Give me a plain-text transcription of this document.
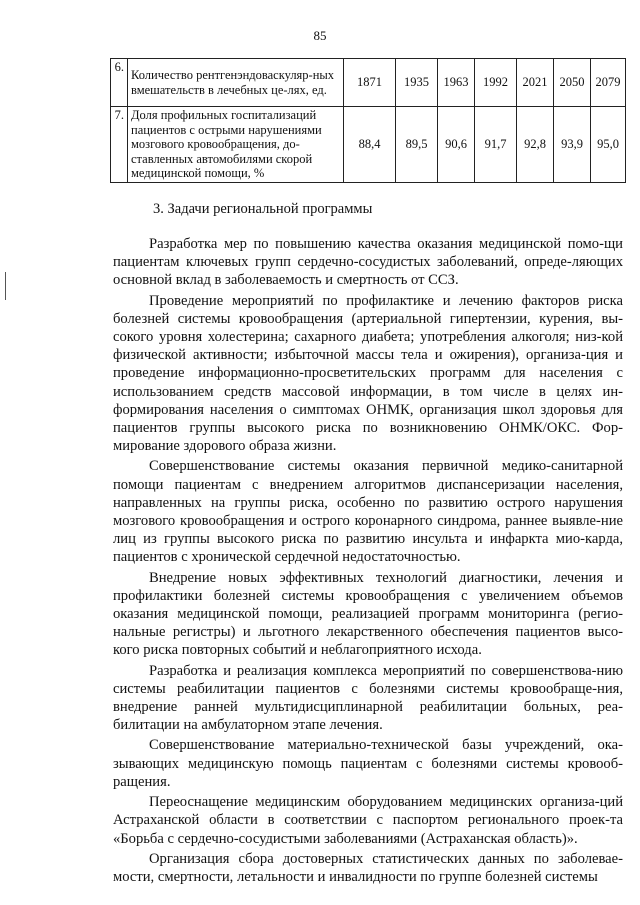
85
6.	Количество рентгенэндоваскуляр-ных вмешательств в лечебных це-лях, ед.	1871	1935	1963	1992	2021	2050	2079
7.	Доля профильных госпитализаций пациентов с острыми нарушениями мозгового кровообращения, до-ставленных автомобилями скорой медицинской помощи, %	88,4	89,5	90,6	91,7	92,8	93,9	95,0
3. Задачи региональной программы

Разработка мер по повышению качества оказания медицинской помо-щи пациентам ключевых групп сердечно-сосудистых заболеваний, опреде-ляющих основной вклад в заболеваемость и смертность от ССЗ.

Проведение мероприятий по профилактике и лечению факторов риска болезней системы кровообращения (артериальной гипертензии, курения, вы-сокого уровня холестерина; сахарного диабета; употребления алкоголя; низ-кой физической активности; избыточной массы тела и ожирения), организа-ция и проведение информационно-просветительских программ для населения с использованием средств массовой информации, в том числе в целях ин-формирования населения о симптомах ОНМК, организация школ здоровья для пациентов группы высокого риска по возникновению ОНМК/ОКС. Фор-мирование здорового образа жизни.

Совершенствование системы оказания первичной медико-санитарной помощи пациентам с внедрением алгоритмов диспансеризации населения, направленных на группы риска, особенно по развитию острого нарушения мозгового кровообращения и острого коронарного синдрома, раннее выявле-ние лиц из группы высокого риска по развитию инсульта и инфаркта мио-карда, пациентов с хронической сердечной недостаточностью.

Внедрение новых эффективных технологий диагностики, лечения и профилактики болезней системы кровообращения с увеличением объемов оказания медицинской помощи, реализацией программ мониторинга (регио-нальные регистры) и льготного лекарственного обеспечения пациентов высо-кого риска повторных событий и неблагоприятного исхода.

Разработка и реализация комплекса мероприятий по совершенствова-нию системы реабилитации пациентов с болезнями системы кровообраще-ния, внедрение ранней мультидисциплинарной реабилитации больных, реа-билитации на амбулаторном этапе лечения.

Совершенствование материально-технической базы учреждений, ока-зывающих медицинскую помощь пациентам с болезнями системы кровооб-ращения.

Переоснащение медицинским оборудованием медицинских организа-ций Астраханской области в соответствии с паспортом регионального проек-та «Борьба с сердечно-сосудистыми заболеваниями (Астраханская область)».

Организация сбора достоверных статистических данных по заболевае-мости, смертности, летальности и инвалидности по группе болезней системы
